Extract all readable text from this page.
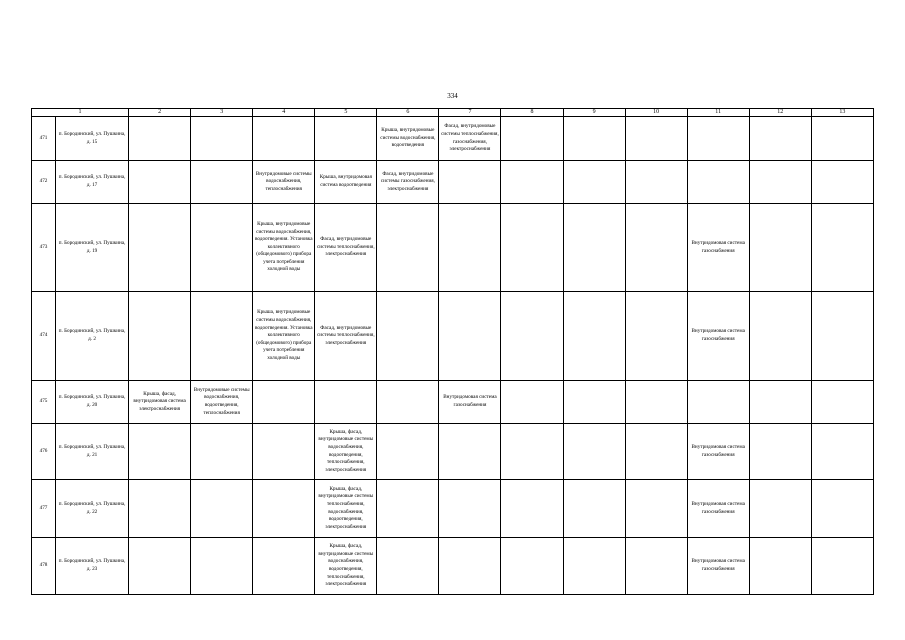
334
1		2	3	4	5	6	7	8	9	10	11	12	13

471	п. Бородинский, ул. Пушкина, д. 15					Крыша, внутридомовые системы водоснабжения, водоотведения	Фасад, внутридомовые системы теплоснабжения, газоснабжения, электроснабжения						

472	п. Бородинский, ул. Пушкина, д. 17			Внутридомовые системы водоснабжения, теплоснабжения	Крыша, внутридомовая система водоотведения	Фасад, внутридомовые системы газоснабжения, электроснабжения							

473	п. Бородинский, ул. Пушкина, д. 19			Крыша, внутридомовые системы водоснабжения, водоотведения. Установка коллективного (общедомового) прибора учета потребления холодной воды	Фасад, внутридомовые системы теплоснабжения, электроснабжения						Внутридомовая система газоснабжения		

474	п. Бородинский, ул. Пушкина, д. 2			Крыша, внутридомовые системы водоснабжения, водоотведения. Установка коллективного (общедомового) прибора учета потребления холодной воды	Фасад, внутридомовые системы теплоснабжения, электроснабжения						Внутридомовая система газоснабжения		

475	п. Бородинский, ул. Пушкина, д. 20	Крыша, фасад, внутридомовая система электроснабжения	Внутридомовые системы водоснабжения, водоотведения, теплоснабжения				Внутридомовая система газоснабжения						

476	п. Бородинский, ул. Пушкина, д. 21				Крыша, фасад, внутридомовые системы водоснабжения, водоотведения, теплоснабжения, электроснабжения						Внутридомовая система газоснабжения		

477	п. Бородинский, ул. Пушкина, д. 22				Крыша, фасад, внутридомовые системы теплоснабжения, водоснабжения, водоотведения, электроснабжения						Внутридомовая система газоснабжения		

478	п. Бородинский, ул. Пушкина, д. 23				Крыша, фасад, внутридомовые системы водоснабжения, водоотведения, теплоснабжения, электроснабжения						Внутридомовая система газоснабжения		
